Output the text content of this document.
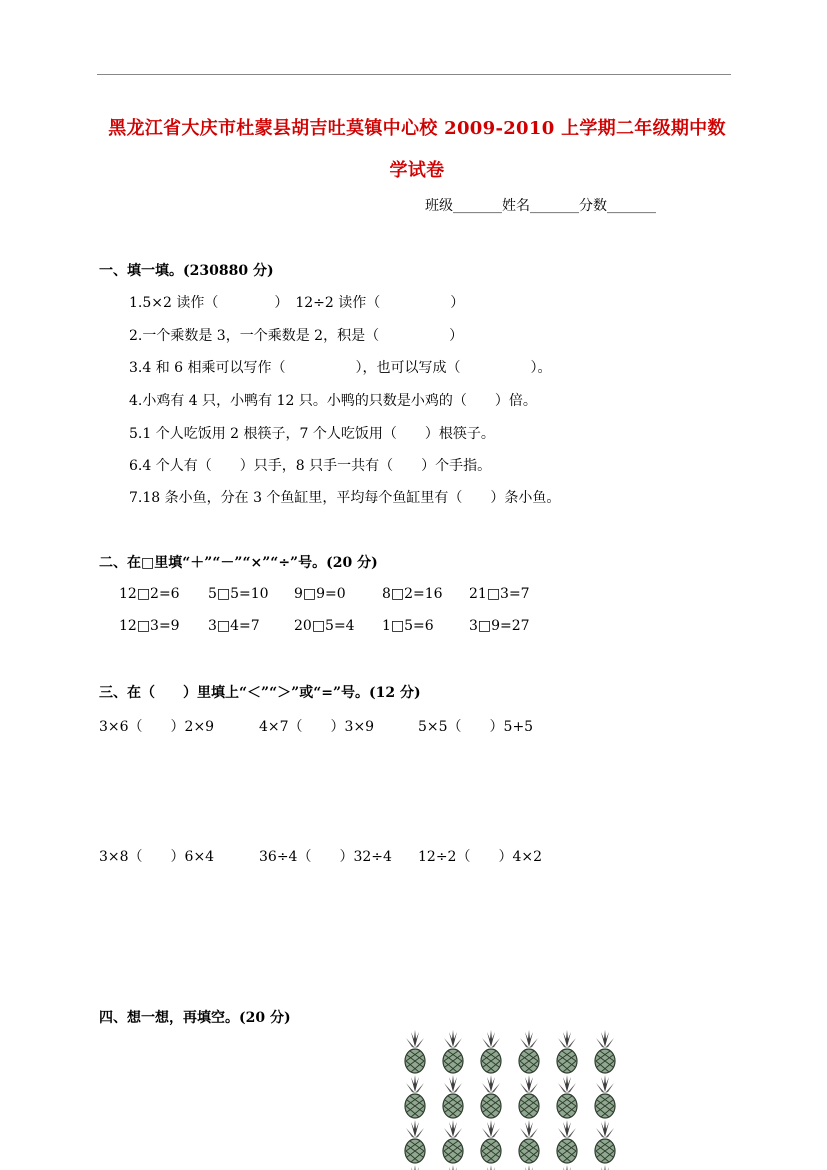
黑龙江省大庆市杜蒙县胡吉吐莫镇中心校 2009-2010 上学期二年级期中数
学试卷
班级_______姓名_______分数_______
一、填一填。(230880 分)
1.5×2 读作（　　　　）　12÷2 读作（　　　　　）
2.一个乘数是 3，一个乘数是 2，积是（　　　　　）
3.4 和 6 相乘可以写作（　　　　　），也可以写成（　　　　　）。
4.小鸡有 4 只，小鸭有 12 只。小鸭的只数是小鸡的（　　）倍。
5.1 个人吃饭用 2 根筷子，7 个人吃饭用（　　）根筷子。
6.4 个人有（　　）只手，8 只手一共有（　　）个手指。
7.18 条小鱼，分在 3 个鱼缸里，平均每个鱼缸里有（　　）条小鱼。
二、在□里填“＋”“－”“×”“÷”号。(20 分)
12□2=6 5□5=10 9□9=0	8□2=16 21□3=7
12□3=9 3□4=7 20□5=4 1□5=6	3□9=27
三、在（　　）里填上“＜”“＞”或“=”号。(12 分)
3×6（　　）2×9	4×7（　　）3×9	5×5（　　）5+5
3×8（　　）6×4	36÷4（　　）32÷4 12÷2（　　）4×2
四、想一想，再填空。(20 分)
